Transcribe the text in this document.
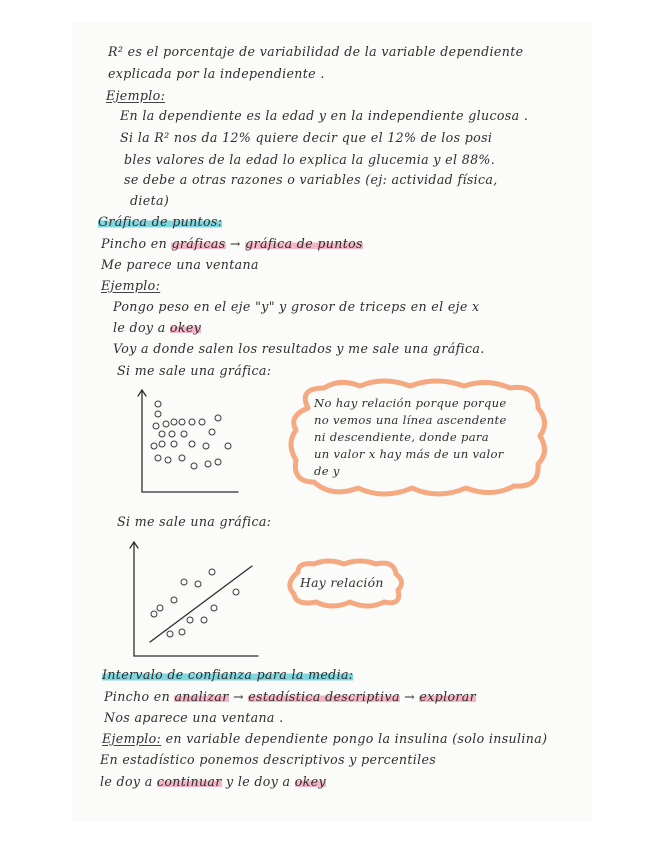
R² es el porcentaje de variabilidad de la variable dependiente
explicada por la independiente .
Ejemplo:
En la dependiente es la edad y en la independiente glucosa .
Si la R² nos da 12% quiere decir que el 12% de los posi
bles valores de la edad lo explica la glucemia y el 88%.
se debe a otras razones o variables (ej: actividad física,
dieta)
Gráfica de puntos:
Pincho en gráficas → gráfica de puntos
Me parece una ventana
Ejemplo:
Pongo peso en el eje "y" y grosor de triceps en el eje x
le doy a okey
Voy a donde salen los resultados y me sale una gráfica.
Si me sale una gráfica:
No hay relación porque porque
no vemos una línea ascendente
ni descendiente, donde para
un valor x hay más de un valor
de y
Si me sale una gráfica:
Hay relación
Intervalo de confianza para la media:
Pincho en analizar → estadística descriptiva → explorar
Nos aparece una ventana .
Ejemplo: en variable dependiente pongo la insulina (solo insulina)
En estadístico ponemos descriptivos y percentiles
le doy a continuar y le doy a okey
